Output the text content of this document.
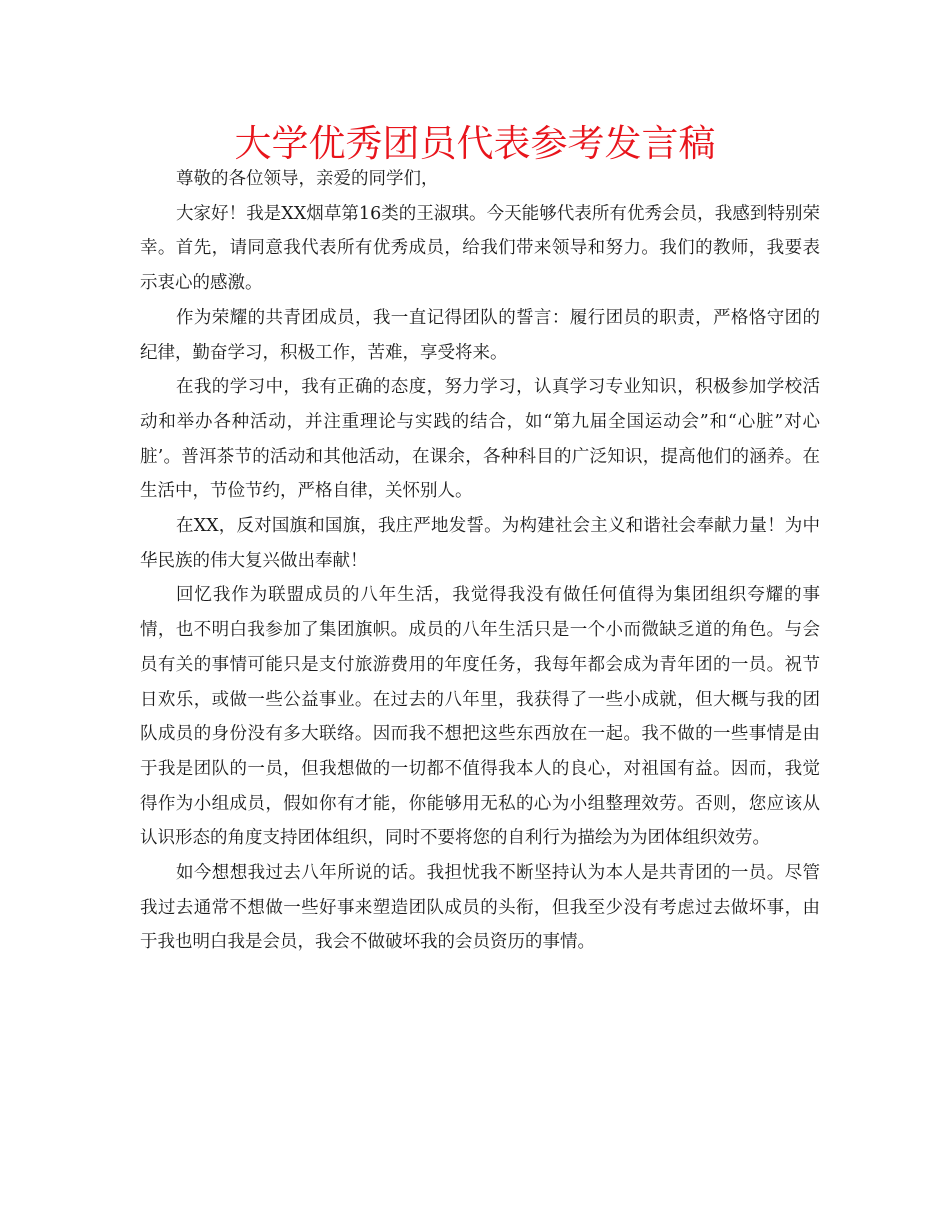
大学优秀团员代表参考发言稿

尊敬的各位领导，亲爱的同学们，

大家好！我是XX烟草第16类的王淑琪。今天能够代表所有优秀会员，我感到特别荣幸。首先，请同意我代表所有优秀成员，给我们带来领导和努力。我们的教师，我要表示衷心的感激。

作为荣耀的共青团成员，我一直记得团队的誓言：履行团员的职责，严格恪守团的纪律，勤奋学习，积极工作，苦难，享受将来。

在我的学习中，我有正确的态度，努力学习，认真学习专业知识，积极参加学校活动和举办各种活动，并注重理论与实践的结合，如“第九届全国运动会”和“心脏”对心脏’。普洱茶节的活动和其他活动，在课余，各种科目的广泛知识，提高他们的涵养。在生活中，节俭节约，严格自律，关怀别人。

在XX，反对国旗和国旗，我庄严地发誓。为构建社会主义和谐社会奉献力量！为中华民族的伟大复兴做出奉献！

回忆我作为联盟成员的八年生活，我觉得我没有做任何值得为集团组织夸耀的事情，也不明白我参加了集团旗帜。成员的八年生活只是一个小而微缺乏道的角色。与会员有关的事情可能只是支付旅游费用的年度任务，我每年都会成为青年团的一员。祝节日欢乐，或做一些公益事业。在过去的八年里，我获得了一些小成就，但大概与我的团队成员的身份没有多大联络。因而我不想把这些东西放在一起。我不做的一些事情是由于我是团队的一员，但我想做的一切都不值得我本人的良心，对祖国有益。因而，我觉得作为小组成员，假如你有才能，你能够用无私的心为小组整理效劳。否则，您应该从认识形态的角度支持团体组织，同时不要将您的自利行为描绘为为团体组织效劳。

如今想想我过去八年所说的话。我担忧我不断坚持认为本人是共青团的一员。尽管我过去通常不想做一些好事来塑造团队成员的头衔，但我至少没有考虑过去做坏事，由于我也明白我是会员，我会不做破坏我的会员资历的事情。
